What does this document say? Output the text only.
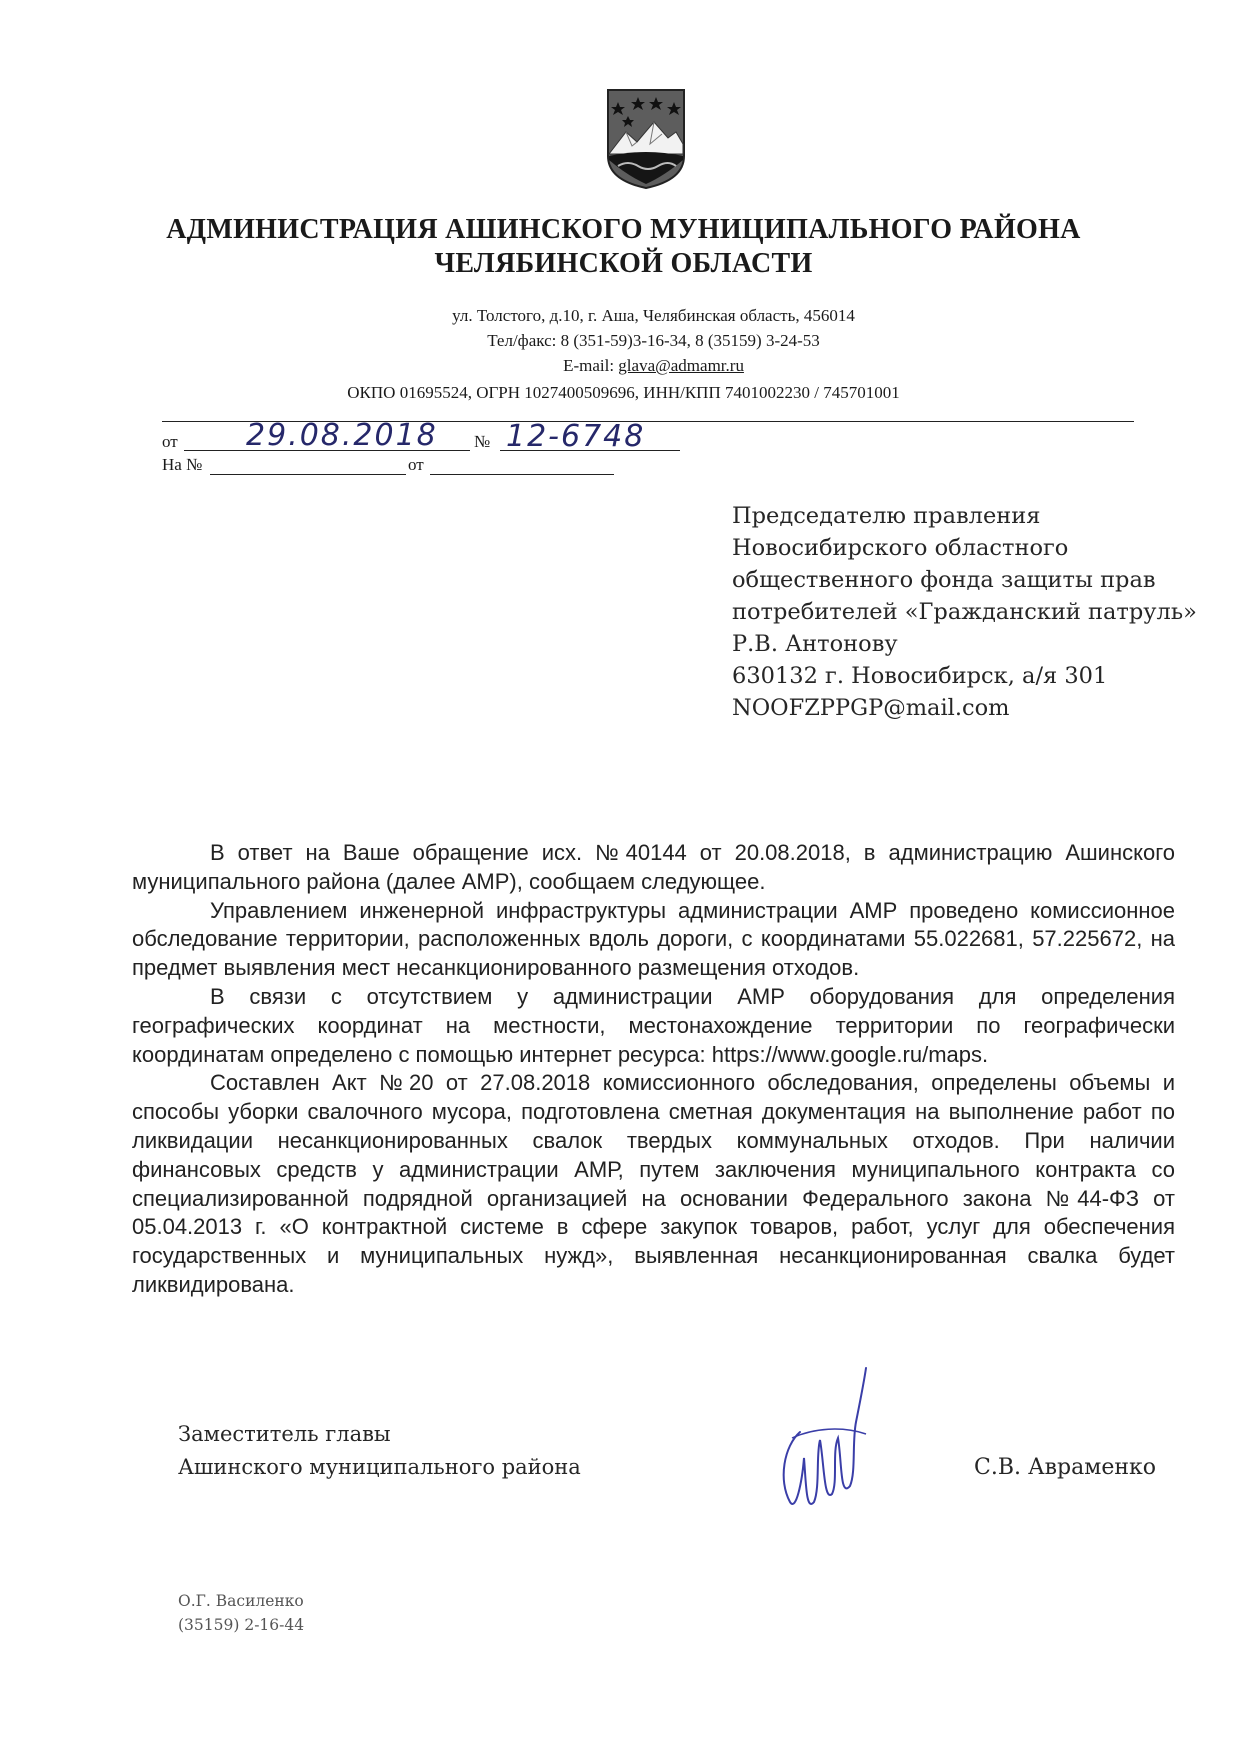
АДМИНИСТРАЦИЯ АШИНСКОГО МУНИЦИПАЛЬНОГО РАЙОНА
ЧЕЛЯБИНСКОЙ ОБЛАСТИ
ул. Толстого, д.10, г. Аша, Челябинская область, 456014
Тел/факс: 8 (351-59)3-16-34, 8 (35159) 3-24-53
E-mail: glava@admamr.ru
ОКПО 01695524, ОГРН 1027400509696, ИНН/КПП 7401002230 / 745701001
от 29.08.2018 № 12-6748
На №	от
Председателю правления
Новосибирского областного
общественного фонда защиты прав
потребителей «Гражданский патруль»
Р.В. Антонову
630132 г. Новосибирск, а/я 301
NOOFZPPGP@mail.com

В ответ на Ваше обращение исх. №40144 от 20.08.2018, в администрацию Ашинского муниципального района (далее АМР), сообщаем следующее.

Управлением инженерной инфраструктуры администрации АМР проведено комиссионное обследование территории, расположенных вдоль дороги, с координатами 55.022681, 57.225672, на предмет выявления мест несанкционированного размещения отходов.

В связи с отсутствием у администрации АМР оборудования для определения географических координат на местности, местонахождение территории по географически координатам определено с помощью интернет ресурса: https://www.google.ru/maps.

Составлен Акт №20 от 27.08.2018 комиссионного обследования, определены объемы и способы уборки свалочного мусора, подготовлена сметная документация на выполнение работ по ликвидации несанкционированных свалок твердых коммунальных отходов. При наличии финансовых средств у администрации АМР, путем заключения муниципального контракта со специализированной подрядной организацией на основании Федерального закона №44-ФЗ от 05.04.2013 г. «О контрактной системе в сфере закупок товаров, работ, услуг для обеспечения государственных и муниципальных нужд», выявленная несанкционированная свалка будет ликвидирована.

Заместитель главы
Ашинского муниципального района	С.В. Авраменко
О.Г. Василенко
(35159) 2-16-44
